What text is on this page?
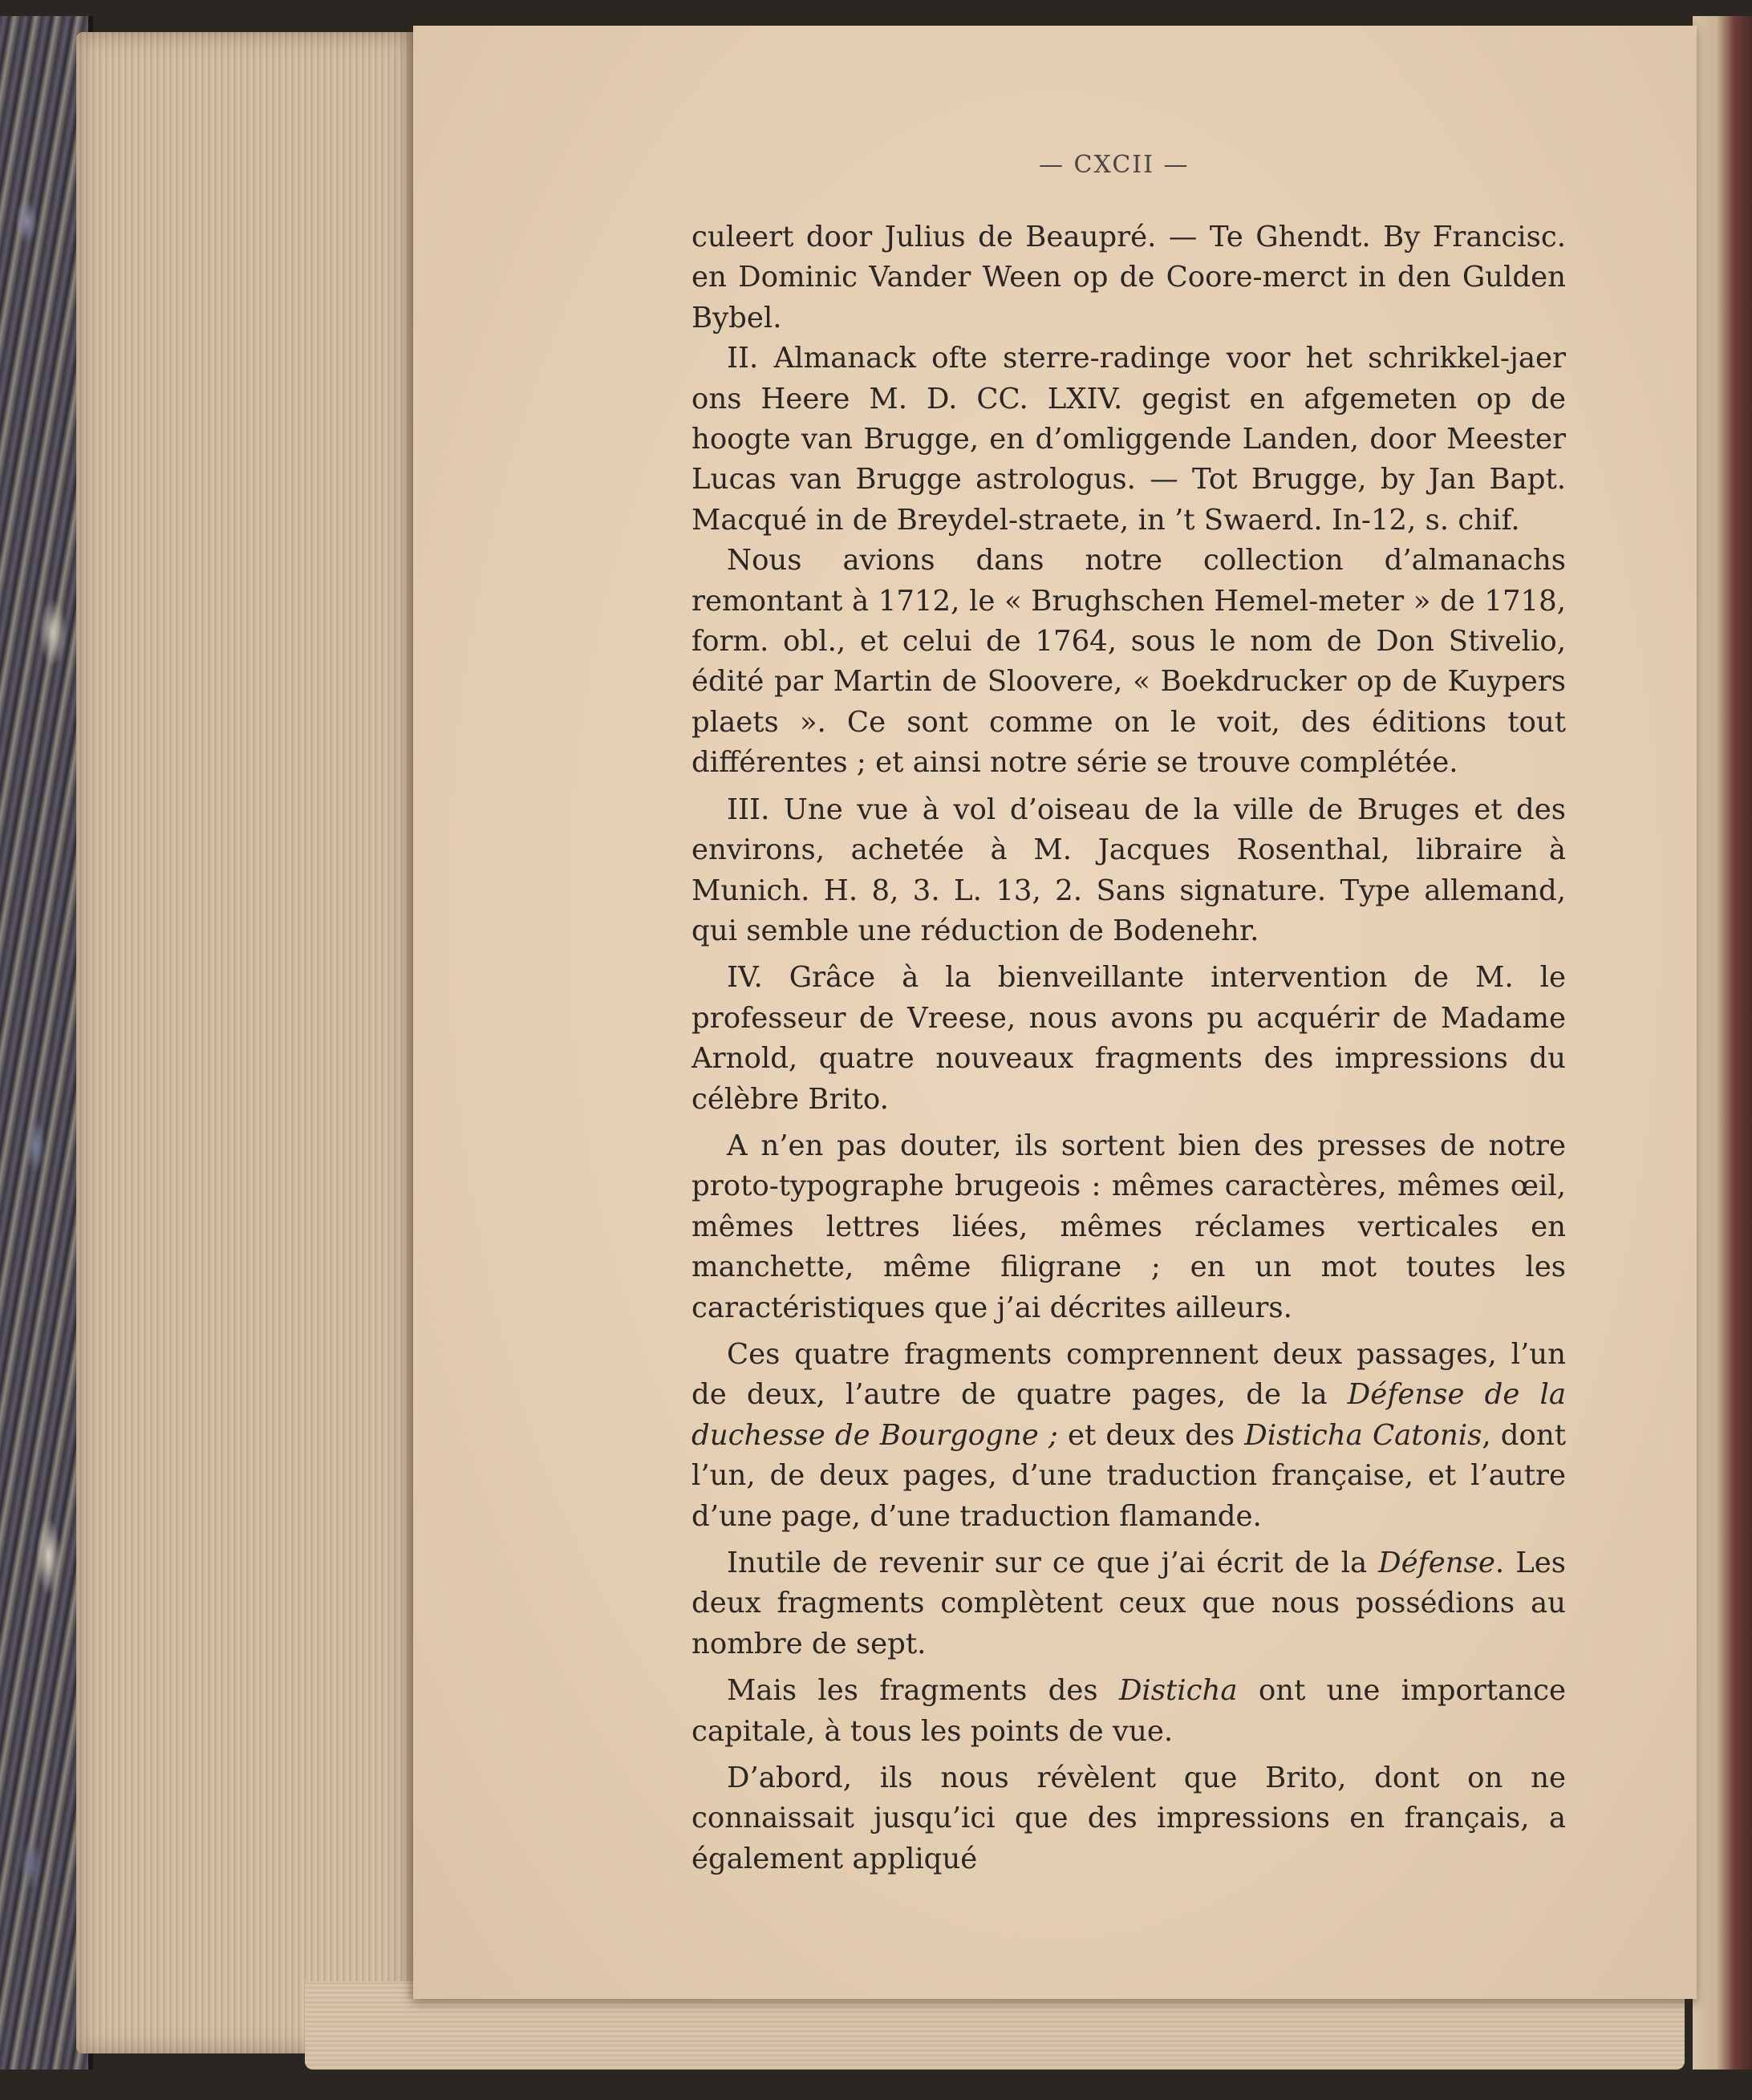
— CXCII —

culeert door Julius de Beaupré. — Te Ghendt. By Francisc. en Dominic Vander Ween op de Coore-merct in den Gulden Bybel.

II. Almanack ofte sterre-radinge voor het schrikkel-jaer ons Heere M. D. CC. LXIV. gegist en afgemeten op de hoogte van Brugge, en d’omliggende Landen, door Meester Lucas van Brugge astrologus. — Tot Brugge, by Jan Bapt. Macqué in de Breydel-straete, in ’t Swaerd. In-12, s. chif.

Nous avions dans notre collection d’almanachs remontant à 1712, le « Brughschen Hemel-meter » de 1718, form. obl., et celui de 1764, sous le nom de Don Stivelio, édité par Martin de Sloovere, « Boekdrucker op de Kuypers plaets ». Ce sont comme on le voit, des éditions tout différentes ; et ainsi notre série se trouve complétée.

III. Une vue à vol d’oiseau de la ville de Bruges et des environs, achetée à M. Jacques Rosenthal, libraire à Munich. H. 8, 3. L. 13, 2. Sans signature. Type allemand, qui semble une réduction de Bodenehr.

IV. Grâce à la bienveillante intervention de M. le professeur de Vreese, nous avons pu acquérir de Madame Arnold, quatre nouveaux fragments des impressions du célèbre Brito.

A n’en pas douter, ils sortent bien des presses de notre proto-typographe brugeois : mêmes caractères, mêmes œil, mêmes lettres liées, mêmes réclames verticales en manchette, même filigrane ; en un mot toutes les caractéristiques que j’ai décrites ailleurs.

Ces quatre fragments comprennent deux passages, l’un de deux, l’autre de quatre pages, de la Défense de la duchesse de Bourgogne ; et deux des Disticha Catonis, dont l’un, de deux pages, d’une traduction française, et l’autre d’une page, d’une traduction flamande.

Inutile de revenir sur ce que j’ai écrit de la Défense. Les deux fragments complètent ceux que nous possédions au nombre de sept.

Mais les fragments des Disticha ont une importance capitale, à tous les points de vue.

D’abord, ils nous révèlent que Brito, dont on ne connaissait jusqu’ici que des impressions en français, a également appliqué
